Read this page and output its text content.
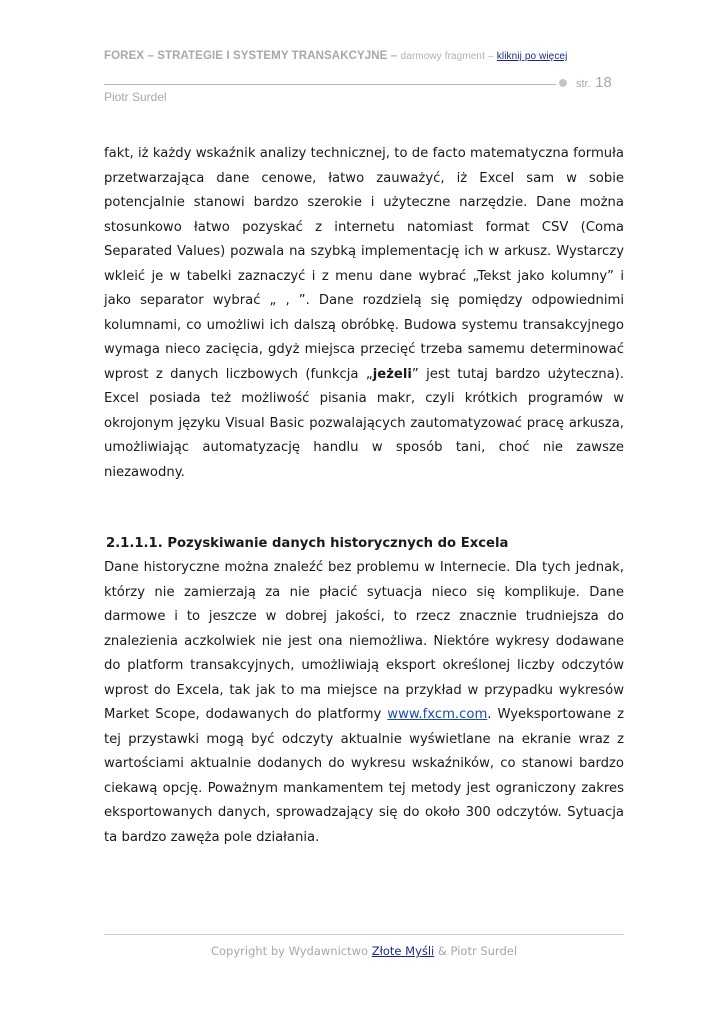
FOREX – STRATEGIE I SYSTEMY TRANSAKCYJNE – darmowy fragment – kliknij po więcej
str. 18
Piotr Surdel

fakt, iż każdy wskaźnik analizy technicznej, to de facto matematyczna formuła przetwarzająca dane cenowe, łatwo zauważyć, iż Excel sam w sobie potencjalnie stanowi bardzo szerokie i użyteczne narzędzie. Dane można stosunkowo łatwo pozyskać z internetu natomiast format CSV (Coma Separated Values) pozwala na szybką implementację ich w arkusz. Wystarczy wkleić je w tabelki zaznaczyć i z menu dane wybrać „Tekst jako kolumny” i jako separator wybrać „ , ”. Dane rozdzielą się pomiędzy odpowiednimi kolumnami, co umożliwi ich dalszą obróbkę. Budowa systemu transakcyjnego wymaga nieco zacięcia, gdyż miejsca przecięć trzeba samemu determinować wprost z danych liczbowych (funkcja „jeżeli” jest tutaj bardzo użyteczna). Excel posiada też możliwość pisania makr, czyli krótkich programów w okrojonym języku Visual Basic pozwalających zautomatyzować pracę arkusza, umożliwiając automatyzację handlu w sposób tani, choć nie zawsze niezawodny.

2.1.1.1. Pozyskiwanie danych historycznych do Excela

Dane historyczne można znaleźć bez problemu w Internecie. Dla tych jednak, którzy nie zamierzają za nie płacić sytuacja nieco się komplikuje. Dane darmowe i to jeszcze w dobrej jakości, to rzecz znacznie trudniejsza do znalezienia aczkolwiek nie jest ona niemożliwa. Niektóre wykresy dodawane do platform transakcyjnych, umożliwiają eksport określonej liczby odczytów wprost do Excela, tak jak to ma miejsce na przykład w przypadku wykresów Market Scope, dodawanych do platformy www.fxcm.com. Wyeksportowane z tej przystawki mogą być odczyty aktualnie wyświetlane na ekranie wraz z wartościami aktualnie dodanych do wykresu wskaźników, co stanowi bardzo ciekawą opcję. Poważnym mankamentem tej metody jest ograniczony zakres eksportowanych danych, sprowadzający się do około 300 odczytów. Sytuacja ta bardzo zawęża pole działania.

Copyright by Wydawnictwo Złote Myśli & Piotr Surdel
